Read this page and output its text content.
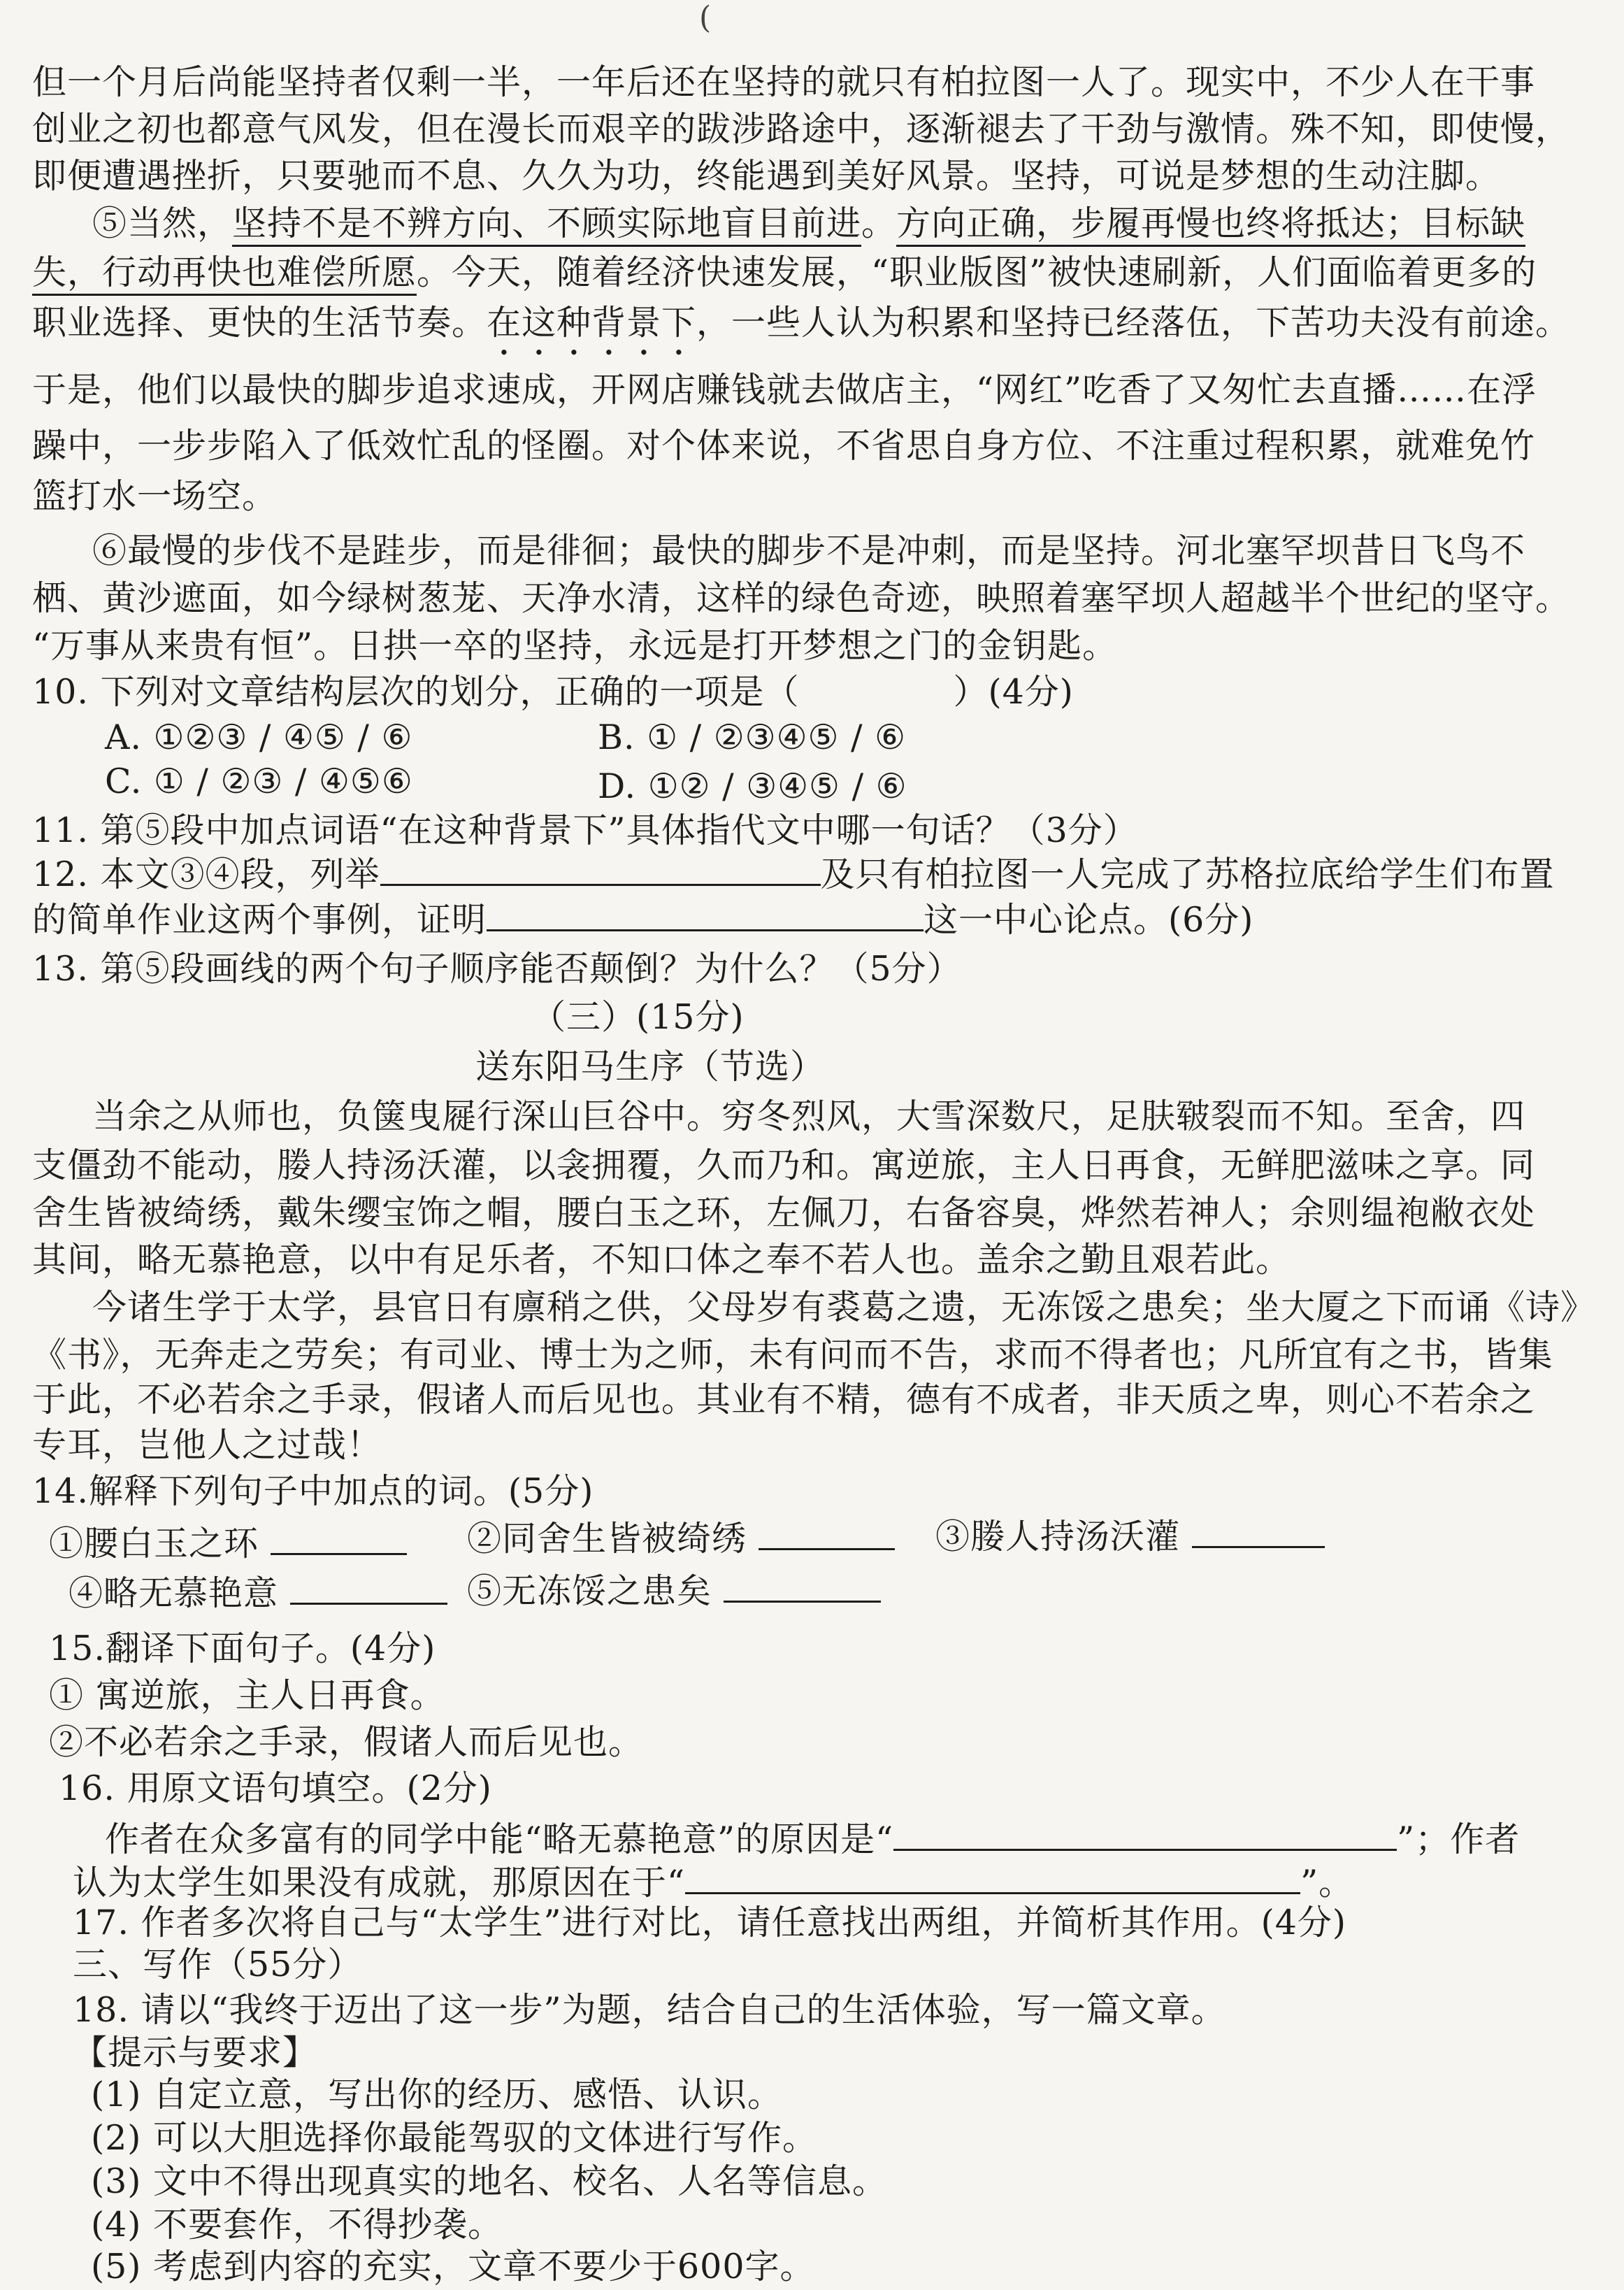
(
但一个月后尚能坚持者仅剩一半，一年后还在坚持的就只有柏拉图一人了。现实中，不少人在干事
创业之初也都意气风发，但在漫长而艰辛的跋涉路途中，逐渐褪去了干劲与激情。殊不知，即使慢，
即便遭遇挫折，只要驰而不息、久久为功，终能遇到美好风景。坚持，可说是梦想的生动注脚。
⑤当然，坚持不是不辨方向、不顾实际地盲目前进。方向正确，步履再慢也终将抵达；目标缺
失，行动再快也难偿所愿。今天，随着经济快速发展，“职业版图”被快速刷新，人们面临着更多的
职业选择、更快的生活节奏。在这种背景下，一些人认为积累和坚持已经落伍，下苦功夫没有前途。
于是，他们以最快的脚步追求速成，开网店赚钱就去做店主，“网红”吃香了又匆忙去直播……在浮
躁中，一步步陷入了低效忙乱的怪圈。对个体来说，不省思自身方位、不注重过程积累，就难免竹
篮打水一场空。
⑥最慢的步伐不是跬步，而是徘徊；最快的脚步不是冲刺，而是坚持。河北塞罕坝昔日飞鸟不
栖、黄沙遮面，如今绿树葱茏、天净水清，这样的绿色奇迹，映照着塞罕坝人超越半个世纪的坚守。
“万事从来贵有恒”。日拱一卒的坚持，永远是打开梦想之门的金钥匙。
10. 下列对文章结构层次的划分，正确的一项是（	）(4分)
A. ①②③ / ④⑤ / ⑥	B. ① / ②③④⑤ / ⑥
C. ① / ②③ / ④⑤⑥	D. ①② / ③④⑤ / ⑥
11. 第⑤段中加点词语“在这种背景下”具体指代文中哪一句话？（3分）
12. 本文③④段，列举	及只有柏拉图一人完成了苏格拉底给学生们布置
的简单作业这两个事例，证明	这一中心论点。(6分)
13. 第⑤段画线的两个句子顺序能否颠倒？为什么？（5分）
（三）(15分)
送东阳马生序（节选）
当余之从师也，负箧曳屣行深山巨谷中。穷冬烈风，大雪深数尺，足肤皲裂而不知。至舍，四
支僵劲不能动，媵人持汤沃灌，以衾拥覆，久而乃和。寓逆旅，主人日再食，无鲜肥滋味之享。同
舍生皆被绮绣，戴朱缨宝饰之帽，腰白玉之环，左佩刀，右备容臭，烨然若神人；余则缊袍敝衣处
其间，略无慕艳意，以中有足乐者，不知口体之奉不若人也。盖余之勤且艰若此。
今诸生学于太学，县官日有廪稍之供，父母岁有裘葛之遗，无冻馁之患矣；坐大厦之下而诵《诗》
《书》，无奔走之劳矣；有司业、博士为之师，未有问而不告，求而不得者也；凡所宜有之书，皆集
于此，不必若余之手录，假诸人而后见也。其业有不精，德有不成者，非天质之卑，则心不若余之
专耳，岂他人之过哉！
14.解释下列句子中加点的词。(5分)
①腰白玉之环	②同舍生皆被绮绣	③媵人持汤沃灌
④略无慕艳意	⑤无冻馁之患矣
15.翻译下面句子。(4分)
① 寓逆旅，主人日再食。
②不必若余之手录，假诸人而后见也。
16. 用原文语句填空。(2分)
作者在众多富有的同学中能“略无慕艳意”的原因是“	”；作者
认为太学生如果没有成就，那原因在于“	”。
17. 作者多次将自己与“太学生”进行对比，请任意找出两组，并简析其作用。(4分)
三、写作（55分）
18. 请以“我终于迈出了这一步”为题，结合自己的生活体验，写一篇文章。
【提示与要求】
(1) 自定立意，写出你的经历、感悟、认识。
(2) 可以大胆选择你最能驾驭的文体进行写作。
(3) 文中不得出现真实的地名、校名、人名等信息。
(4) 不要套作，不得抄袭。
(5) 考虑到内容的充实，文章不要少于600字。
